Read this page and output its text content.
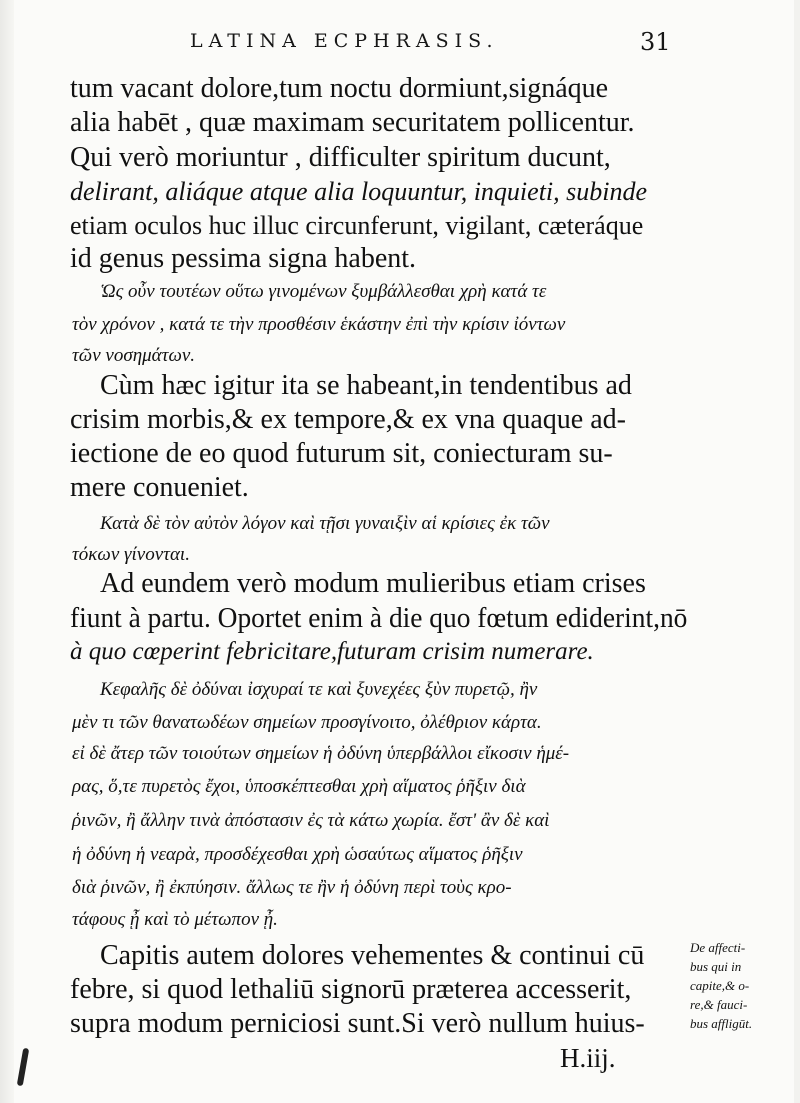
LATINA ECPHRASIS.	31
tum vacant dolore,tum noctu dormiunt,signáque
alia habēt , quæ maximam securitatem pollicentur.
Qui verò moriuntur , difficulter spiritum ducunt,
delirant, aliáque atque alia loquuntur, inquieti, subinde
etiam oculos huc illuc circunferunt, vigilant, cæteráque
id genus pessima signa habent.
Ὡς οὖν τουτέων οὕτω γινομένων ξυμβάλλεσθαι χρὴ κατά τε
τὸν χρόνον , κατά τε τὴν προσθέσιν ἑκάστην ἐπὶ τὴν κρίσιν ἰόντων
τῶν νοσημάτων.
Cùm hæc igitur ita se habeant,in tendentibus ad
crisim morbis,& ex tempore,& ex vna quaque ad-
iectione de eo quod futurum sit, coniecturam su-
mere conueniet.
Κατὰ δὲ τὸν αὐτὸν λόγον καὶ τῇσι γυναιξὶν αἱ κρίσιες ἐκ τῶν
τόκων γίνονται.
Ad eundem verò modum mulieribus etiam crises
fiunt à partu. Oportet enim à die quo fœtum ediderint,nō
à quo cœperint febricitare,futuram crisim numerare.
Κεφαλῆς δὲ ὀδύναι ἰσχυραί τε καὶ ξυνεχέες ξὺν πυρετῷ, ἢν
μὲν τι τῶν θανατωδέων σημείων προσγίνοιτο, ὀλέθριον κάρτα.
εἰ δὲ ἄτερ τῶν τοιούτων σημείων ἡ ὀδύνη ὑπερβάλλοι εἴκοσιν ἡμέ-
ρας, ὅ,τε πυρετὸς ἔχοι, ὑποσκέπτεσθαι χρὴ αἵματος ῥῆξιν διὰ
ῥινῶν, ἢ ἄλλην τινὰ ἀπόστασιν ἐς τὰ κάτω χωρία. ἔστ' ἂν δὲ καὶ
ἡ ὀδύνη ἡ νεαρὰ, προσδέχεσθαι χρὴ ὡσαύτως αἵματος ῥῆξιν
διὰ ῥινῶν, ἢ ἐκπύησιν. ἄλλως τε ἢν ἡ ὀδύνη περὶ τοὺς κρο-
τάφους ᾖ καὶ τὸ μέτωπον ᾖ.
Capitis autem dolores vehementes & continui cū
febre, si quod lethaliū signorū præterea accesserit,
supra modum perniciosi sunt.Si verò nullum huius-
De affecti-
bus qui in
capite,& o-
re,& fauci-
bus affligūt.
H.iij.
